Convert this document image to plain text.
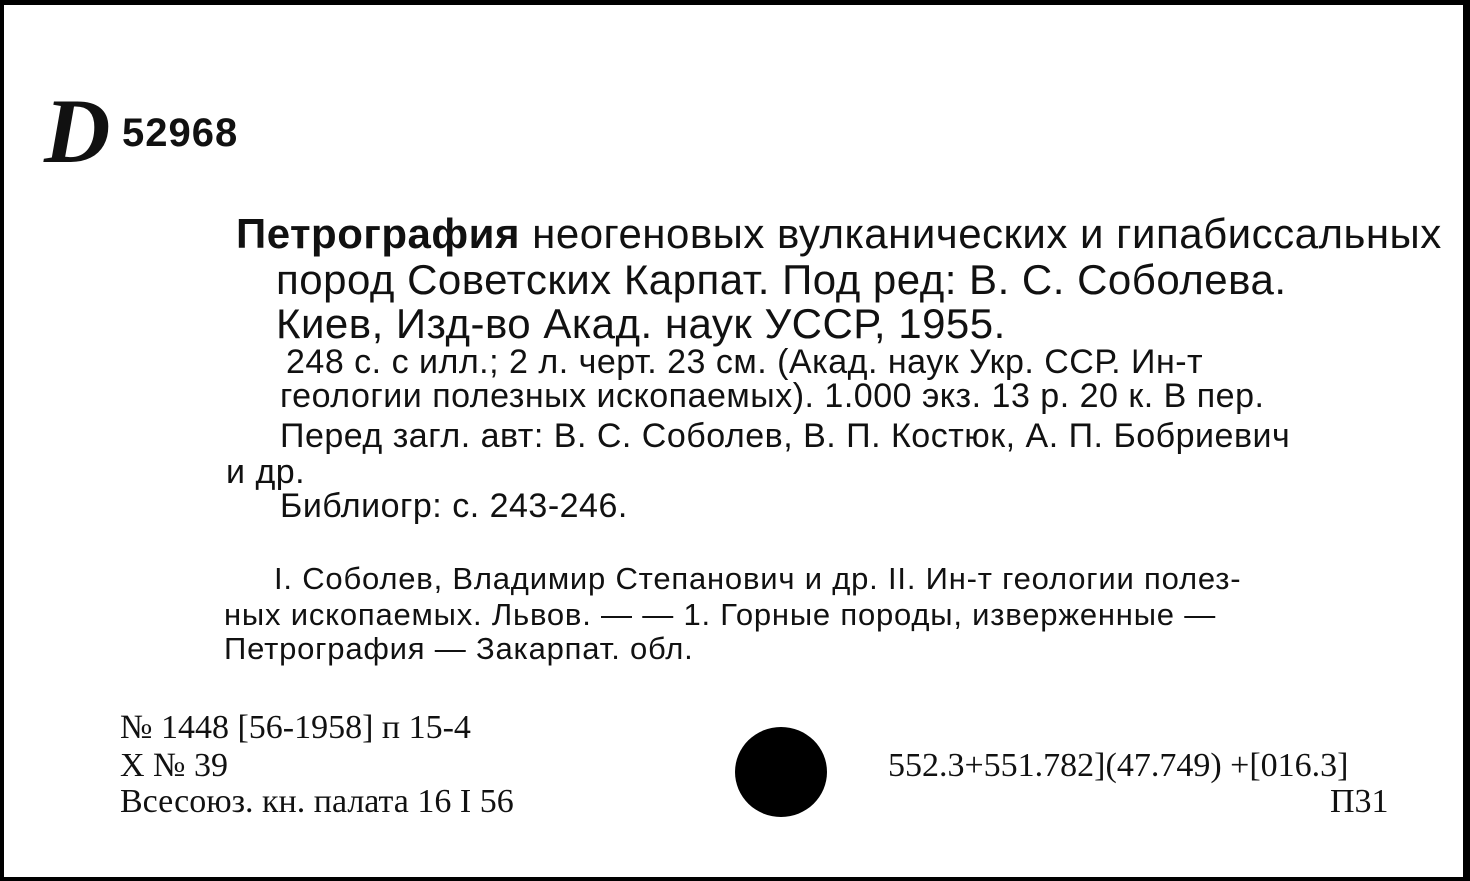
D 52968

Петрография неогеновых вулканических и гипабиссальных

пород Советских Карпат. Под ред: В. С. Соболева.

Киев, Изд-во Акад. наук УССР, 1955.

248 с. с илл.; 2 л. черт. 23 см. (Акад. наук Укр. ССР. Ин-т

геологии полезных ископаемых). 1.000 экз. 13 р. 20 к. В пер.

Перед загл. авт: В. С. Соболев, В. П. Костюк, А. П. Бобриевич

и др.

Библиогр: с. 243-246.

I. Соболев, Владимир Степанович и др. II. Ин-т геологии полез-

ных ископаемых. Львов. — — 1. Горные породы, изверженные —

Петрография — Закарпат. обл.

№ 1448 [56-1958] п 15-4

X № 39

Всесоюз. кн. палата 16 I 56

552.3+551.782](47.749) +[016.3]

П31
